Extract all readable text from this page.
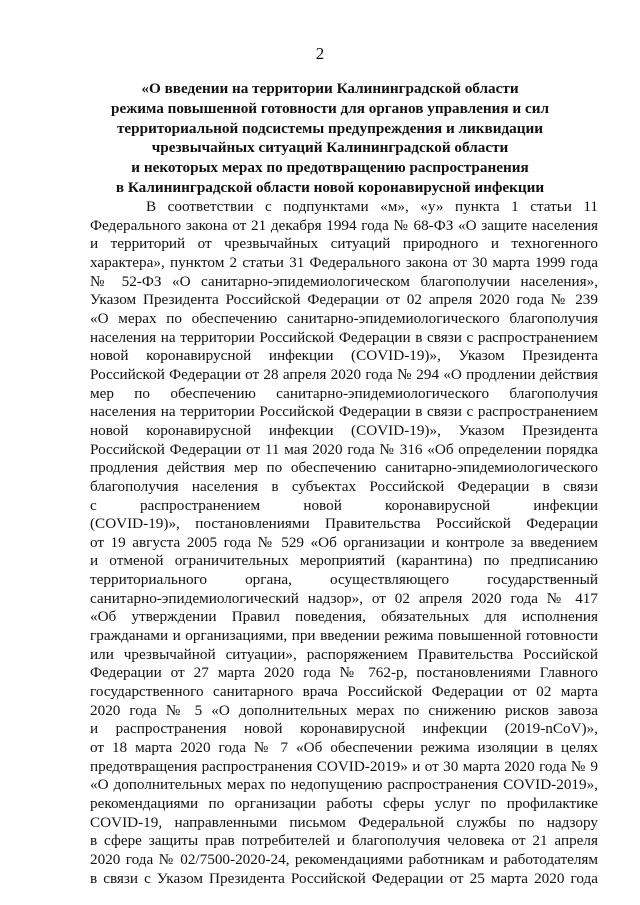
2
«О введении на территории Калининградской области
режима повышенной готовности для органов управления и сил
территориальной подсистемы предупреждения и ликвидации
чрезвычайных ситуаций Калининградской области
и некоторых мерах по предотвращению распространения
в Калининградской области новой коронавирусной инфекции
В соответствии с подпунктами «м», «у» пункта 1 статьи 11
Федерального закона от 21 декабря 1994 года № 68-ФЗ «О защите населения
и территорий от чрезвычайных ситуаций природного и техногенного
характера», пунктом 2 статьи 31 Федерального закона от 30 марта 1999 года
№ 52-ФЗ «О санитарно-эпидемиологическом благополучии населения»,
Указом Президента Российской Федерации от 02 апреля 2020 года № 239
«О мерах по обеспечению санитарно-эпидемиологического благополучия
населения на территории Российской Федерации в связи с распространением
новой коронавирусной инфекции (COVID-19)», Указом Президента
Российской Федерации от 28 апреля 2020 года № 294 «О продлении действия
мер по обеспечению санитарно-эпидемиологического благополучия
населения на территории Российской Федерации в связи с распространением
новой коронавирусной инфекции (COVID-19)», Указом Президента
Российской Федерации от 11 мая 2020 года № 316 «Об определении порядка
продления действия мер по обеспечению санитарно-эпидемиологического
благополучия населения в субъектах Российской Федерации в связи
с распространением новой коронавирусной инфекции
(COVID-19)», постановлениями Правительства Российской Федерации
от 19 августа 2005 года № 529 «Об организации и контроле за введением
и отменой ограничительных мероприятий (карантина) по предписанию
территориального органа, осуществляющего государственный
санитарно-эпидемиологический надзор», от 02 апреля 2020 года № 417
«Об утверждении Правил поведения, обязательных для исполнения
гражданами и организациями, при введении режима повышенной готовности
или чрезвычайной ситуации», распоряжением Правительства Российской
Федерации от 27 марта 2020 года № 762-р, постановлениями Главного
государственного санитарного врача Российской Федерации от 02 марта
2020 года № 5 «О дополнительных мерах по снижению рисков завоза
и распространения новой коронавирусной инфекции (2019-nCoV)»,
от 18 марта 2020 года № 7 «Об обеспечении режима изоляции в целях
предотвращения распространения COVID-2019» и от 30 марта 2020 года № 9
«О дополнительных мерах по недопущению распространения COVID-2019»,
рекомендациями по организации работы сферы услуг по профилактике
COVID-19, направленными письмом Федеральной службы по надзору
в сфере защиты прав потребителей и благополучия человека от 21 апреля
2020 года № 02/7500-2020-24, рекомендациями работникам и работодателям
в связи с Указом Президента Российской Федерации от 25 марта 2020 года
